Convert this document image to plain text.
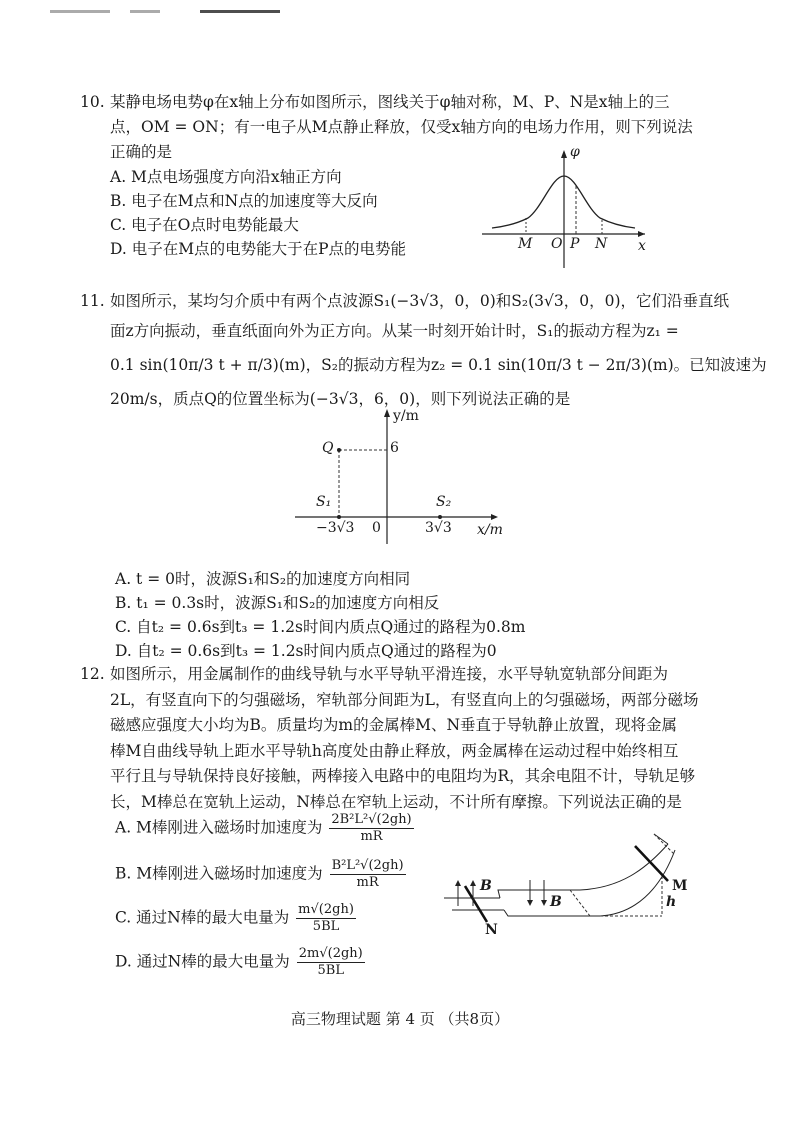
10. 某静电场电势φ在x轴上分布如图所示，图线关于φ轴对称，M、P、N是x轴上的三
点，OM = ON；有一电子从M点静止释放，仅受x轴方向的电场力作用，则下列说法
正确的是
A. M点电场强度方向沿x轴正方向
B. 电子在M点和N点的加速度等大反向
C. 电子在O点时电势能最大
D. 电子在M点的电势能大于在P点的电势能
φ
M O P N x
11. 如图所示，某均匀介质中有两个点波源S₁(−3√3，0，0)和S₂(3√3，0，0)，它们沿垂直纸
面z方向振动，垂直纸面向外为正方向。从某一时刻开始计时，S₁的振动方程为z₁ =
0.1 sin(10π/3 t + π/3)(m)，S₂的振动方程为z₂ = 0.1 sin(10π/3 t − 2π/3)(m)。已知波速为
20m/s，质点Q的位置坐标为(−3√3，6，0)，则下列说法正确的是
y/m
Q	6
S₁	S₂
−3√3 0	3√3 x/m
A. t = 0时，波源S₁和S₂的加速度方向相同
B. t₁ = 0.3s时，波源S₁和S₂的加速度方向相反
C. 自t₂ = 0.6s到t₃ = 1.2s时间内质点Q通过的路程为0.8m
D. 自t₂ = 0.6s到t₃ = 1.2s时间内质点Q通过的路程为0
12. 如图所示，用金属制作的曲线导轨与水平导轨平滑连接，水平导轨宽轨部分间距为
2L，有竖直向下的匀强磁场，窄轨部分间距为L，有竖直向上的匀强磁场，两部分磁场
磁感应强度大小均为B。质量均为m的金属棒M、N垂直于导轨静止放置，现将金属
棒M自曲线导轨上距水平导轨h高度处由静止释放，两金属棒在运动过程中始终相互
平行且与导轨保持良好接触，两棒接入电路中的电阻均为R，其余电阻不计，导轨足够
长，M棒总在宽轨上运动，N棒总在窄轨上运动，不计所有摩擦。下列说法正确的是
A. M棒刚进入磁场时加速度为 $\frac{\text{2B²L²√(2gh)}}{mR}$
B. M棒刚进入磁场时加速度为 $\frac{\text{B²L²√(2gh)}}{mR}$
C. 通过N棒的最大电量为 $\frac{m√(2gh)}{5BL}$
D. 通过N棒的最大电量为 $\frac{2m√(2gh)}{5BL}$
B
B
M
h
N
高三物理试题 第 4 页 （共8页）
